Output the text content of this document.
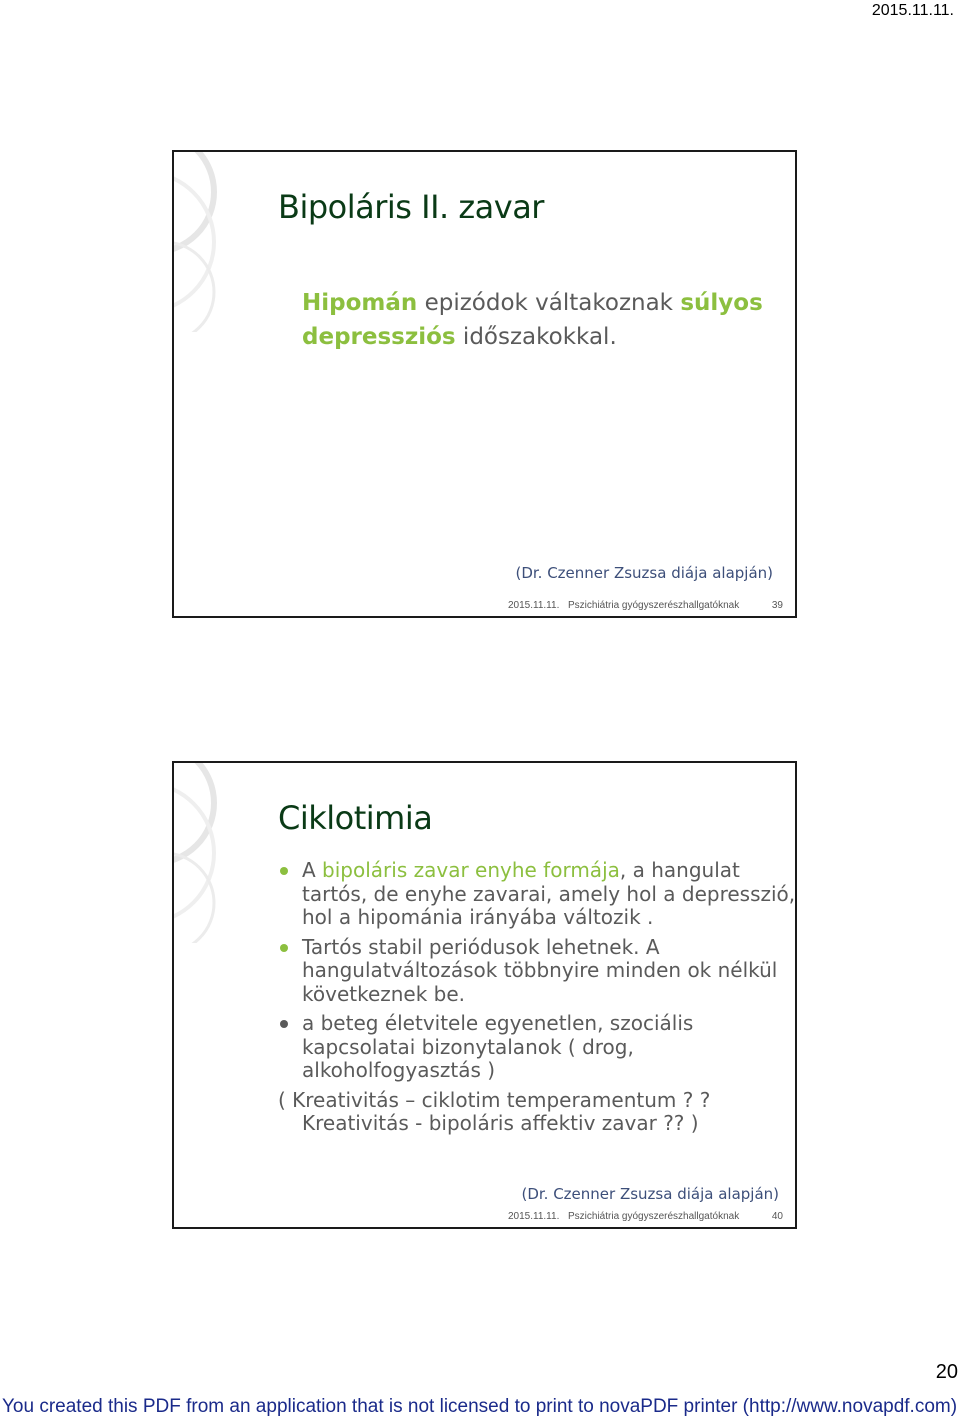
2015.11.11.
Bipoláris II. zavar
Hipomán epizódok váltakoznak súlyos depressziós időszakokkal.
(Dr. Czenner Zsuzsa diája alapján)
2015.11.11. Pszichiátria gyógyszerészhallgatóknak	39
Ciklotimia
A bipoláris zavar enyhe formája, a hangulat tartós, de enyhe zavarai, amely hol a depresszió, hol a hipománia irányába változik .
Tartós stabil periódusok lehetnek. A hangulatváltozások többnyire minden ok nélkül következnek be.
a beteg életvitele egyenetlen, szociális kapcsolatai bizonytalanok ( drog, alkoholfogyasztás )
( Kreativitás – ciklotim temperamentum ? ?
Kreativitás - bipoláris affektiv zavar ?? )
(Dr. Czenner Zsuzsa diája alapján)
2015.11.11. Pszichiátria gyógyszerészhallgatóknak	40
20
You created this PDF from an application that is not licensed to print to novaPDF printer (http://www.novapdf.com)
